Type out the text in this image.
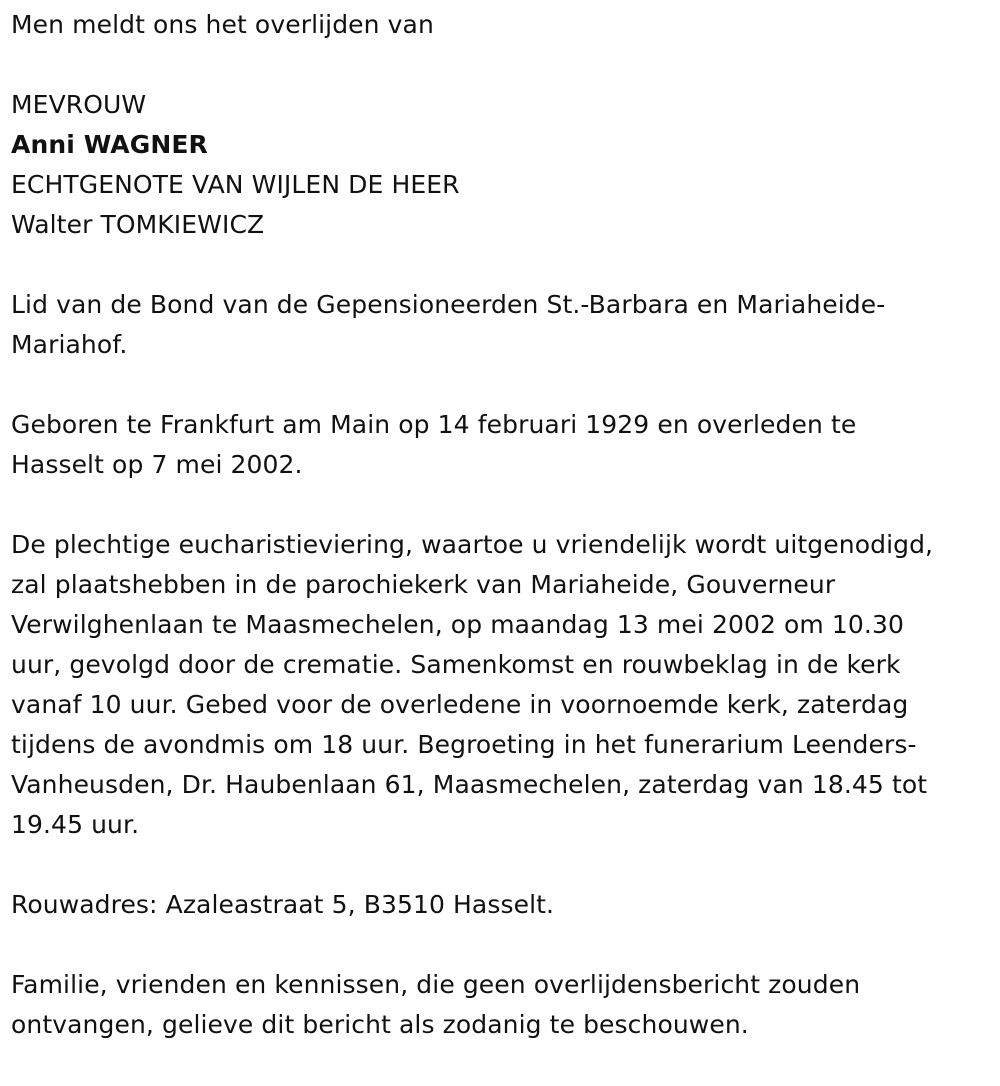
Men meldt ons het overlijden van
MEVROUW
Anni WAGNER
ECHTGENOTE VAN WIJLEN DE HEER
Walter TOMKIEWICZ
Lid van de Bond van de Gepensioneerden St.-Barbara en Mariaheide-
Mariahof.
Geboren te Frankfurt am Main op 14 februari 1929 en overleden te
Hasselt op 7 mei 2002.
De plechtige eucharistieviering, waartoe u vriendelijk wordt uitgenodigd,
zal plaatshebben in de parochiekerk van Mariaheide, Gouverneur
Verwilghenlaan te Maasmechelen, op maandag 13 mei 2002 om 10.30
uur, gevolgd door de crematie. Samenkomst en rouwbeklag in de kerk
vanaf 10 uur. Gebed voor de overledene in voornoemde kerk, zaterdag
tijdens de avondmis om 18 uur. Begroeting in het funerarium Leenders-
Vanheusden, Dr. Haubenlaan 61, Maasmechelen, zaterdag van 18.45 tot
19.45 uur.
Rouwadres: Azaleastraat 5, B3510 Hasselt.
Familie, vrienden en kennissen, die geen overlijdensbericht zouden
ontvangen, gelieve dit bericht als zodanig te beschouwen.
